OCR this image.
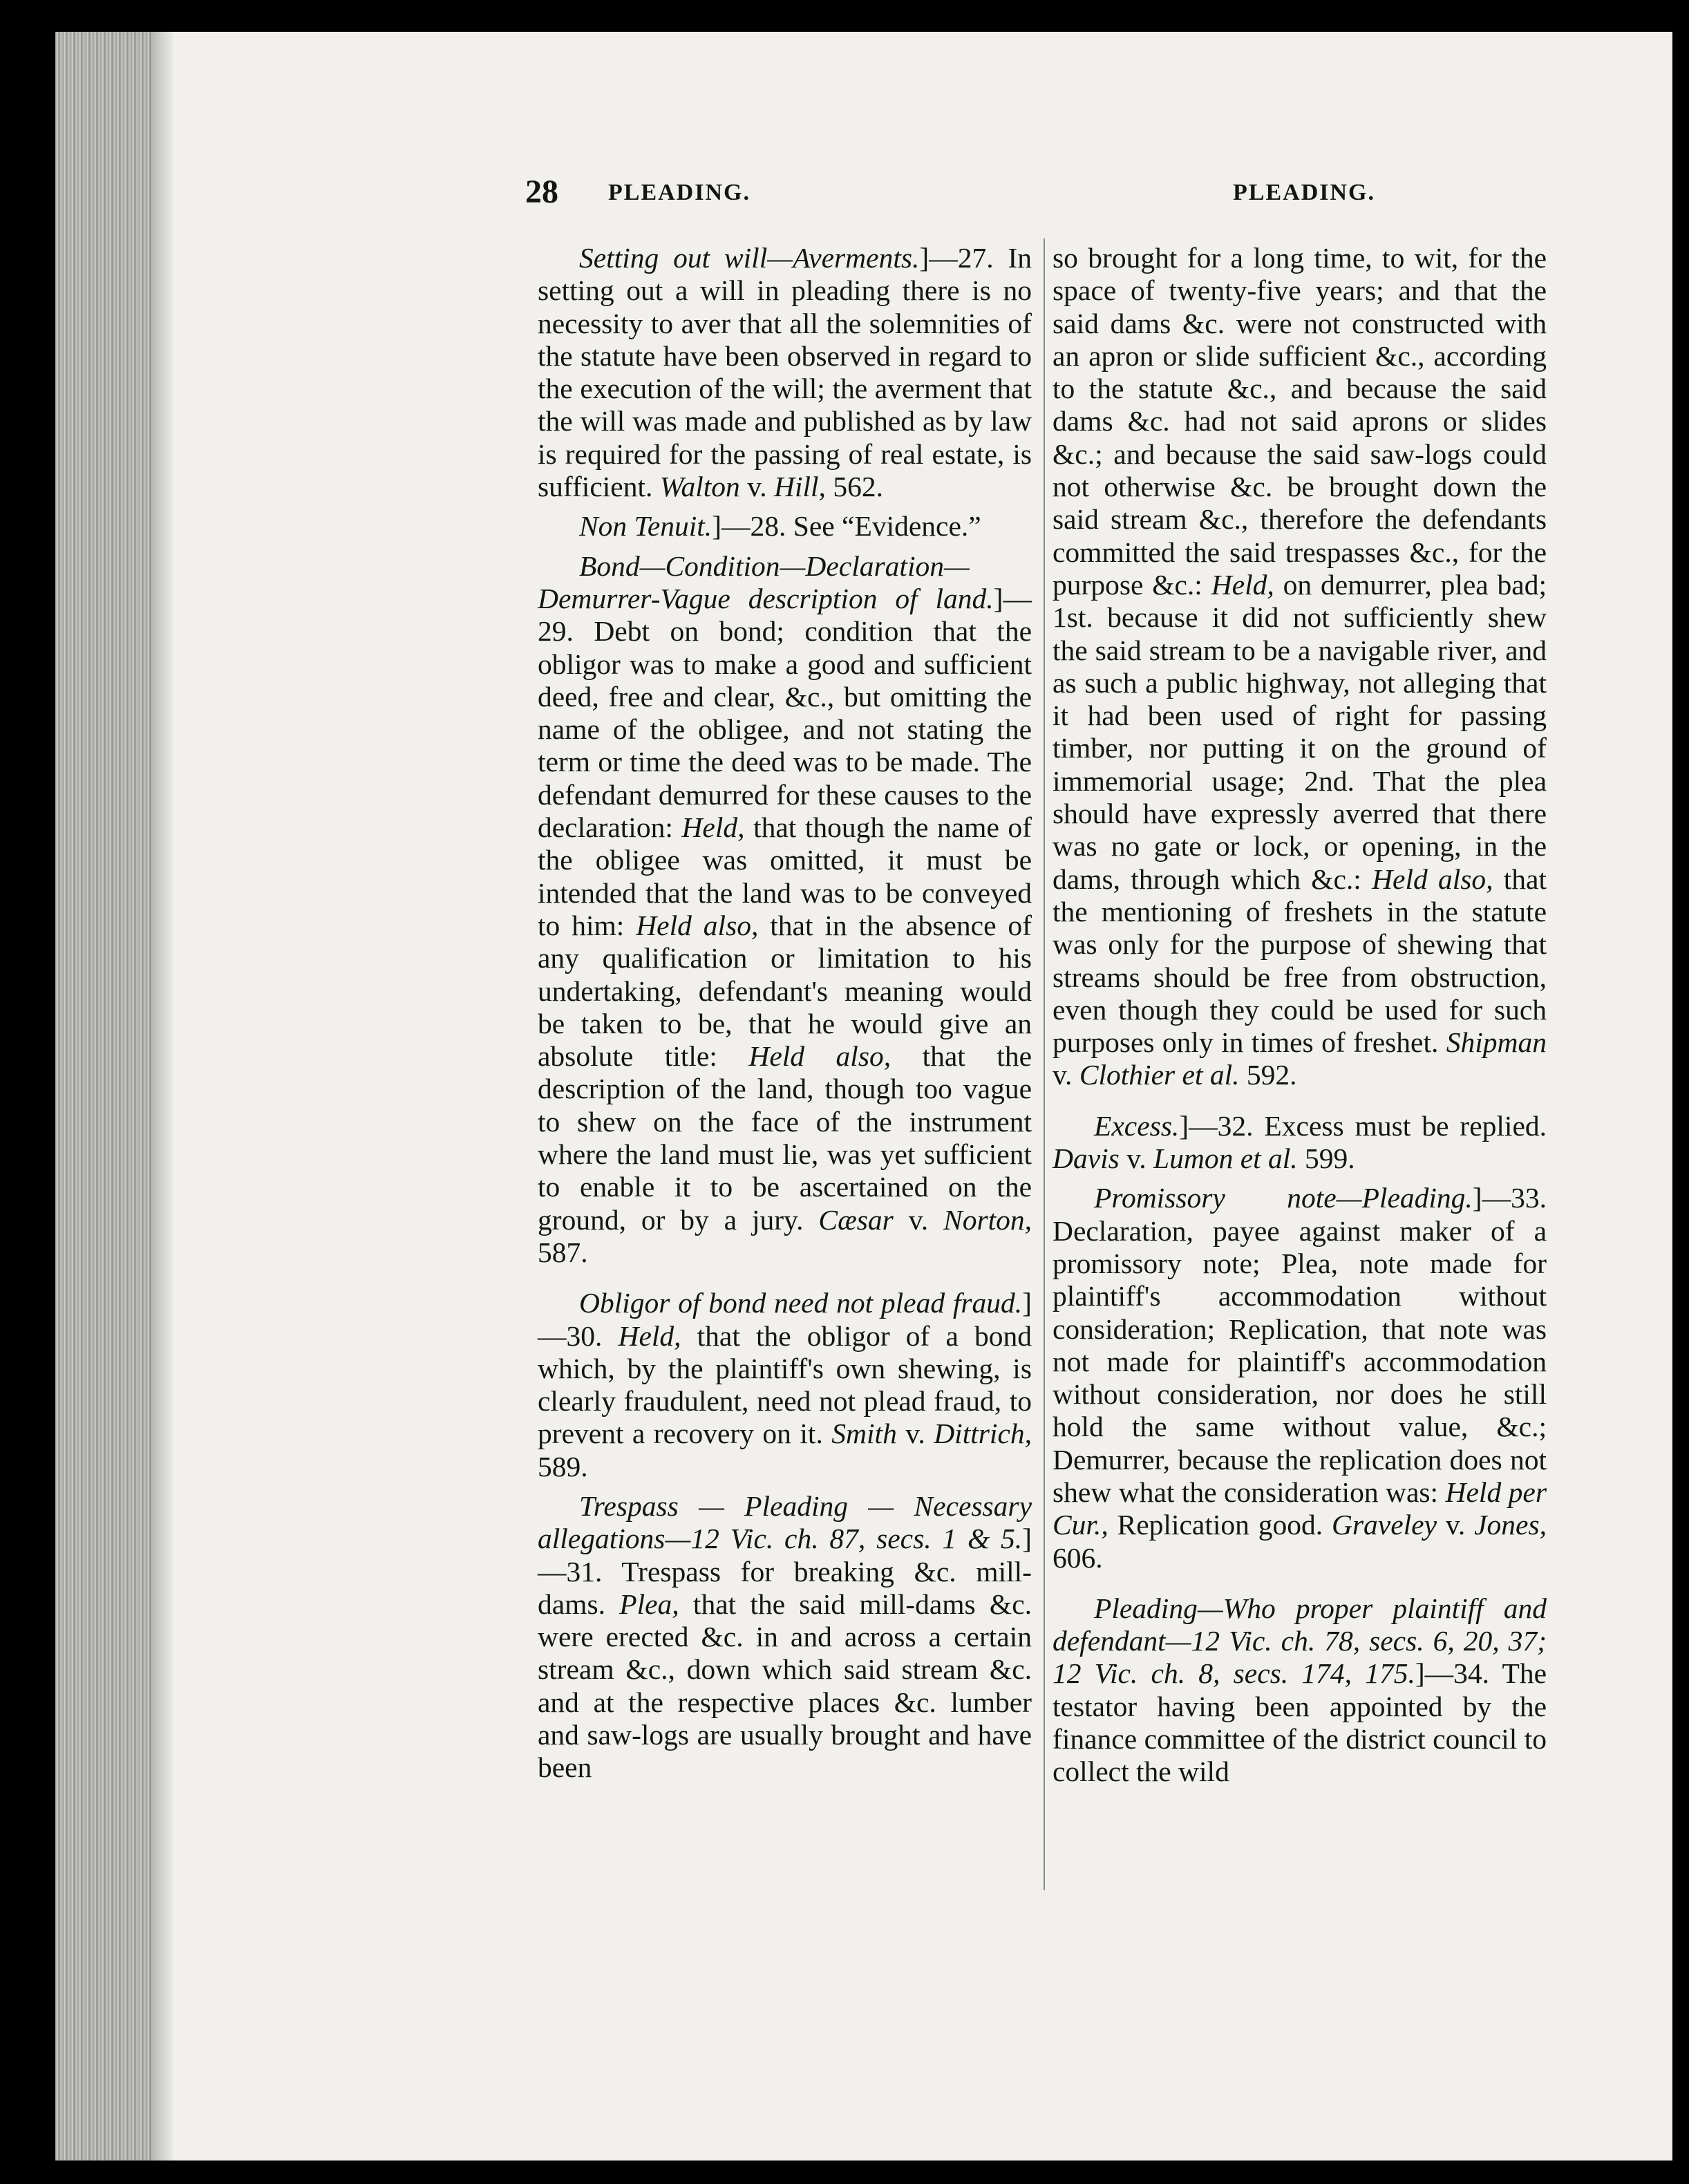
28 PLEADING.	PLEADING.

Setting out will—Averments.]—27. In setting out a will in pleading there is no necessity to aver that all the solemnities of the statute have been observed in regard to the execution of the will; the averment that the will was made and published as by law is required for the passing of real estate, is sufficient. Walton v. Hill, 562.

Non Tenuit.]—28. See “Evidence.”

Bond—Condition—Declaration—Demurrer-Vague description of land.]—29. Debt on bond; condition that the obligor was to make a good and sufficient deed, free and clear, &c., but omitting the name of the obligee, and not stating the term or time the deed was to be made. The defendant demurred for these causes to the declaration: Held, that though the name of the obligee was omitted, it must be intended that the land was to be conveyed to him: Held also, that in the absence of any qualification or limitation to his undertaking, defendant's meaning would be taken to be, that he would give an absolute title: Held also, that the description of the land, though too vague to shew on the face of the instrument where the land must lie, was yet sufficient to enable it to be ascertained on the ground, or by a jury. Cæsar v. Norton, 587.

Obligor of bond need not plead fraud.]—30. Held, that the obligor of a bond which, by the plaintiff's own shewing, is clearly fraudulent, need not plead fraud, to prevent a recovery on it. Smith v. Dittrich, 589.

Trespass — Pleading — Necessary allegations—12 Vic. ch. 87, secs. 1 & 5.]—31. Trespass for breaking &c. mill-dams. Plea, that the said mill-dams &c. were erected &c. in and across a certain stream &c., down which said stream &c. and at the respective places &c. lumber and saw-logs are usually brought and have been

so brought for a long time, to wit, for the space of twenty-five years; and that the said dams &c. were not constructed with an apron or slide sufficient &c., according to the statute &c., and because the said dams &c. had not said aprons or slides &c.; and because the said saw-logs could not otherwise &c. be brought down the said stream &c., therefore the defendants committed the said trespasses &c., for the purpose &c.: Held, on demurrer, plea bad; 1st. because it did not sufficiently shew the said stream to be a navigable river, and as such a public highway, not alleging that it had been used of right for passing timber, nor putting it on the ground of immemorial usage; 2nd. That the plea should have expressly averred that there was no gate or lock, or opening, in the dams, through which &c.: Held also, that the mentioning of freshets in the statute was only for the purpose of shewing that streams should be free from obstruction, even though they could be used for such purposes only in times of freshet. Shipman v. Clothier et al. 592.

Excess.]—32. Excess must be replied. Davis v. Lumon et al. 599.

Promissory note—Pleading.]—33. Declaration, payee against maker of a promissory note; Plea, note made for plaintiff's accommodation without consideration; Replication, that note was not made for plaintiff's accommodation without consideration, nor does he still hold the same without value, &c.; Demurrer, because the replication does not shew what the consideration was: Held per Cur., Replication good. Graveley v. Jones, 606.

Pleading—Who proper plaintiff and defendant—12 Vic. ch. 78, secs. 6, 20, 37; 12 Vic. ch. 8, secs. 174, 175.]—34. The testator having been appointed by the finance committee of the district council to collect the wild
